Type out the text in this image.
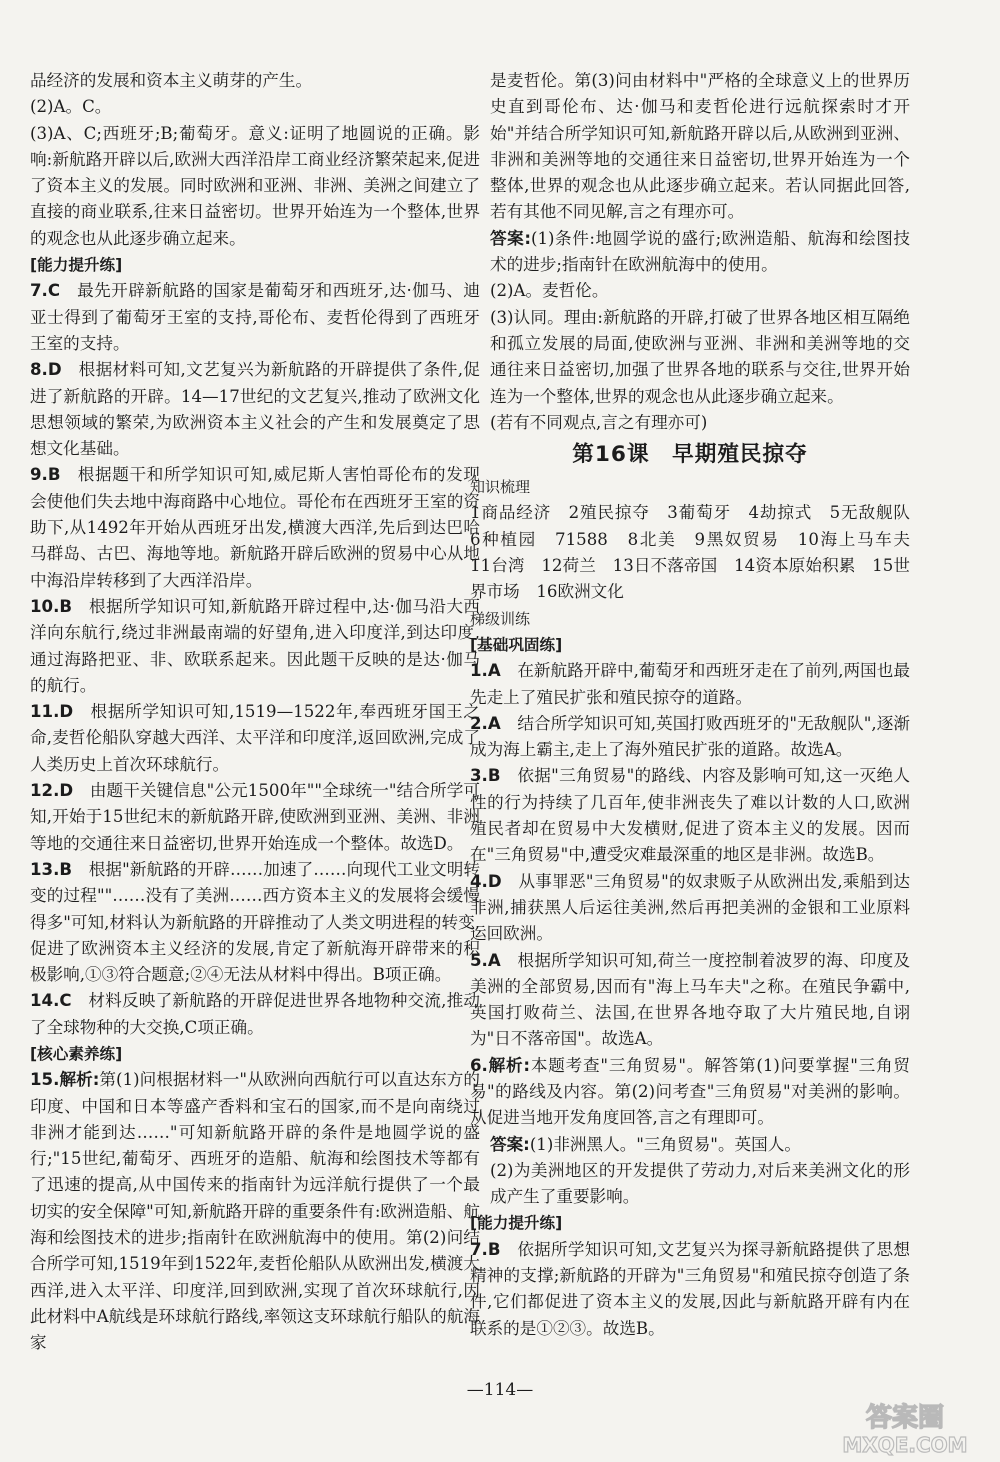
品经济的发展和资本主义萌芽的产生。

(2)A。C。

(3)A、C;西班牙;B;葡萄牙。意义:证明了地圆说的正确。影响:新航路开辟以后,欧洲大西洋沿岸工商业经济繁荣起来,促进了资本主义的发展。同时欧洲和亚洲、非洲、美洲之间建立了直接的商业联系,往来日益密切。世界开始连为一个整体,世界的观念也从此逐步确立起来。

[能力提升练]

7.C  最先开辟新航路的国家是葡萄牙和西班牙,达·伽马、迪亚士得到了葡萄牙王室的支持,哥伦布、麦哲伦得到了西班牙王室的支持。

8.D  根据材料可知,文艺复兴为新航路的开辟提供了条件,促进了新航路的开辟。14—17世纪的文艺复兴,推动了欧洲文化思想领域的繁荣,为欧洲资本主义社会的产生和发展奠定了思想文化基础。

9.B  根据题干和所学知识可知,威尼斯人害怕哥伦布的发现会使他们失去地中海商路中心地位。哥伦布在西班牙王室的资助下,从1492年开始从西班牙出发,横渡大西洋,先后到达巴哈马群岛、古巴、海地等地。新航路开辟后欧洲的贸易中心从地中海沿岸转移到了大西洋沿岸。

10.B  根据所学知识可知,新航路开辟过程中,达·伽马沿大西洋向东航行,绕过非洲最南端的好望角,进入印度洋,到达印度,通过海路把亚、非、欧联系起来。因此题干反映的是达·伽马的航行。

11.D  根据所学知识可知,1519—1522年,奉西班牙国王之命,麦哲伦船队穿越大西洋、太平洋和印度洋,返回欧洲,完成了人类历史上首次环球航行。

12.D  由题干关键信息"公元1500年""全球统一"结合所学可知,开始于15世纪末的新航路开辟,使欧洲到亚洲、美洲、非洲等地的交通往来日益密切,世界开始连成一个整体。故选D。

13.B  根据"新航路的开辟……加速了……向现代工业文明转变的过程""……没有了美洲……西方资本主义的发展将会缓慢得多"可知,材料认为新航路的开辟推动了人类文明进程的转变,促进了欧洲资本主义经济的发展,肯定了新航海开辟带来的积极影响,①③符合题意;②④无法从材料中得出。B项正确。

14.C  材料反映了新航路的开辟促进世界各地物种交流,推动了全球物种的大交换,C项正确。

[核心素养练]

15.解析:第(1)问根据材料一"从欧洲向西航行可以直达东方的印度、中国和日本等盛产香料和宝石的国家,而不是向南绕过非洲才能到达……"可知新航路开辟的条件是地圆学说的盛行;"15世纪,葡萄牙、西班牙的造船、航海和绘图技术等都有了迅速的提高,从中国传来的指南针为远洋航行提供了一个最切实的安全保障"可知,新航路开辟的重要条件有:欧洲造船、航海和绘图技术的进步;指南针在欧洲航海中的使用。第(2)问结合所学可知,1519年到1522年,麦哲伦船队从欧洲出发,横渡大西洋,进入太平洋、印度洋,回到欧洲,实现了首次环球航行,因此材料中A航线是环球航行路线,率领这支环球航行船队的航海家

是麦哲伦。第(3)问由材料中"严格的全球意义上的世界历史直到哥伦布、达·伽马和麦哲伦进行远航探索时才开始"并结合所学知识可知,新航路开辟以后,从欧洲到亚洲、非洲和美洲等地的交通往来日益密切,世界开始连为一个整体,世界的观念也从此逐步确立起来。若认同据此回答,若有其他不同见解,言之有理亦可。

答案:(1)条件:地圆学说的盛行;欧洲造船、航海和绘图技术的进步;指南针在欧洲航海中的使用。

(2)A。麦哲伦。

(3)认同。理由:新航路的开辟,打破了世界各地区相互隔绝和孤立发展的局面,使欧洲与亚洲、非洲和美洲等地的交通往来日益密切,加强了世界各地的联系与交往,世界开始连为一个整体,世界的观念也从此逐步确立起来。

(若有不同观点,言之有理亦可)

第16课　早期殖民掠夺

知识梳理

1商品经济　2殖民掠夺　3葡萄牙　4劫掠式　5无敌舰队　6种植园　71588　8北美　9黑奴贸易　10海上马车夫　11台湾　12荷兰　13日不落帝国　14资本原始积累　15世界市场　16欧洲文化

梯级训练

[基础巩固练]

1.A  在新航路开辟中,葡萄牙和西班牙走在了前列,两国也最先走上了殖民扩张和殖民掠夺的道路。

2.A  结合所学知识可知,英国打败西班牙的"无敌舰队",逐渐成为海上霸主,走上了海外殖民扩张的道路。故选A。

3.B  依据"三角贸易"的路线、内容及影响可知,这一灭绝人性的行为持续了几百年,使非洲丧失了难以计数的人口,欧洲殖民者却在贸易中大发横财,促进了资本主义的发展。因而在"三角贸易"中,遭受灾难最深重的地区是非洲。故选B。

4.D  从事罪恶"三角贸易"的奴隶贩子从欧洲出发,乘船到达非洲,捕获黑人后运往美洲,然后再把美洲的金银和工业原料运回欧洲。

5.A  根据所学知识可知,荷兰一度控制着波罗的海、印度及美洲的全部贸易,因而有"海上马车夫"之称。在殖民争霸中,英国打败荷兰、法国,在世界各地夺取了大片殖民地,自诩为"日不落帝国"。故选A。

6.解析:本题考查"三角贸易"。解答第(1)问要掌握"三角贸易"的路线及内容。第(2)问考查"三角贸易"对美洲的影响。从促进当地开发角度回答,言之有理即可。

答案:(1)非洲黑人。"三角贸易"。英国人。

(2)为美洲地区的开发提供了劳动力,对后来美洲文化的形成产生了重要影响。

[能力提升练]

7.B  依据所学知识可知,文艺复兴为探寻新航路提供了思想精神的支撑;新航路的开辟为"三角贸易"和殖民掠夺创造了条件,它们都促进了资本主义的发展,因此与新航路开辟有内在联系的是①②③。故选B。

—114—
答案圈
MXQE.COM
